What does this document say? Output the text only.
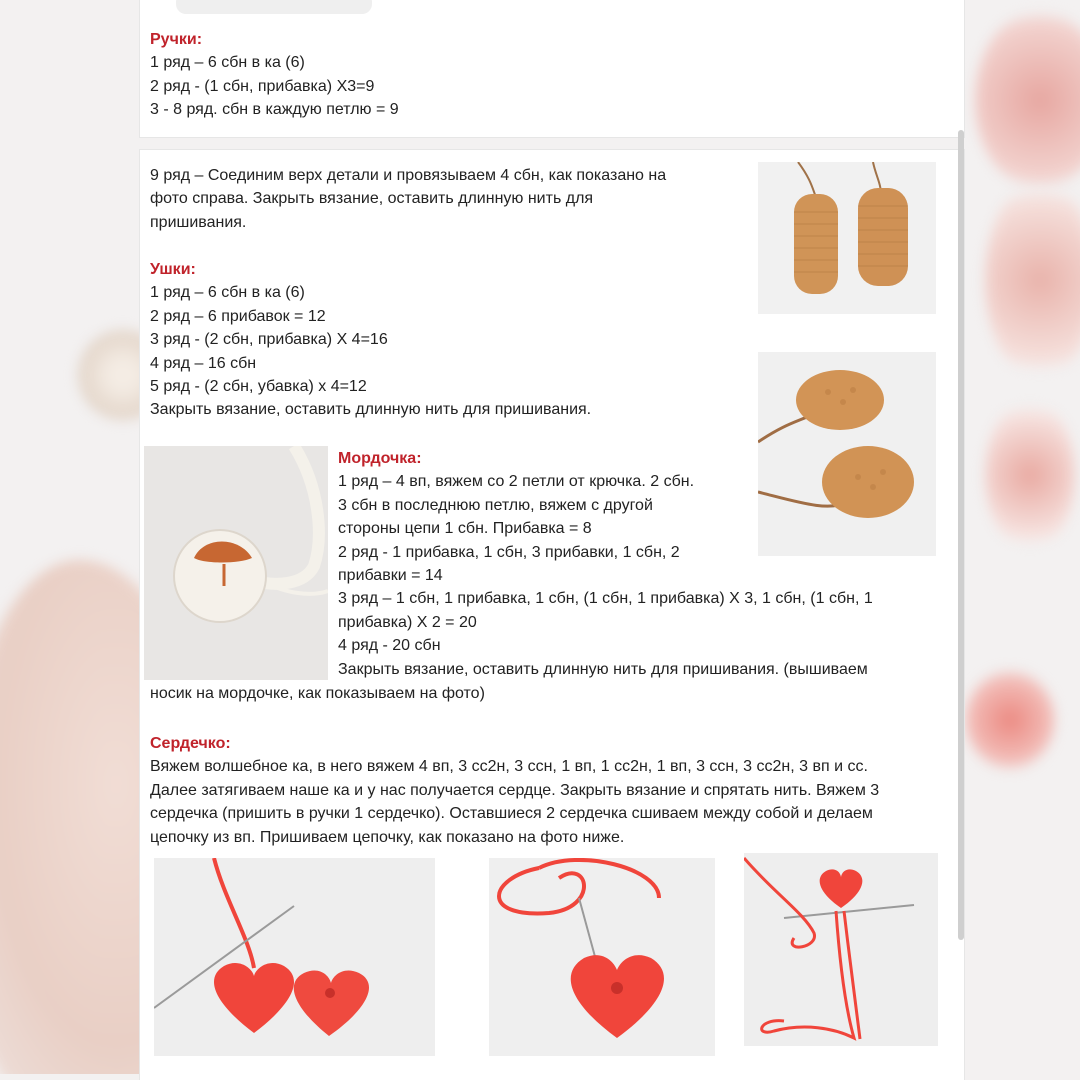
Ручки:
1 ряд – 6 сбн в ка (6)
2 ряд - (1 сбн, прибавка) Х3=9
3 - 8 ряд. сбн в каждую петлю = 9
9 ряд – Соединим верх детали и провязываем 4 сбн, как показано на
фото справа. Закрыть вязание, оставить длинную нить для
пришивания.
Ушки:
1 ряд – 6 сбн в ка (6)
2 ряд – 6 прибавок = 12
3 ряд - (2 сбн, прибавка) Х 4=16
4 ряд – 16 сбн
5 ряд - (2 сбн, убавка) х 4=12
Закрыть вязание, оставить длинную нить для пришивания.
Мордочка:
1 ряд – 4 вп, вяжем со 2 петли от крючка. 2 сбн.
3 сбн в последнюю петлю, вяжем с другой
стороны цепи 1 сбн. Прибавка = 8
2 ряд - 1 прибавка, 1 сбн, 3 прибавки, 1 сбн, 2
прибавки = 14
3 ряд – 1 сбн, 1 прибавка, 1 сбн, (1 сбн, 1 прибавка) Х 3, 1 сбн, (1 сбн, 1
прибавка) Х 2 = 20
4 ряд - 20 сбн
Закрыть вязание, оставить длинную нить для пришивания. (вышиваем
носик на мордочке, как показываем на фото)
Сердечко:
Вяжем волшебное ка, в него вяжем 4 вп, 3 сс2н, 3 ссн, 1 вп, 1 сс2н, 1 вп, 3 ссн, 3 сс2н, 3 вп и сс.
Далее затягиваем наше ка и у нас получается сердце. Закрыть вязание и спрятать нить. Вяжем 3
сердечка (пришить в ручки 1 сердечко). Оставшиеся 2 сердечка сшиваем между собой и делаем
цепочку из вп. Пришиваем цепочку, как показано на фото ниже.
